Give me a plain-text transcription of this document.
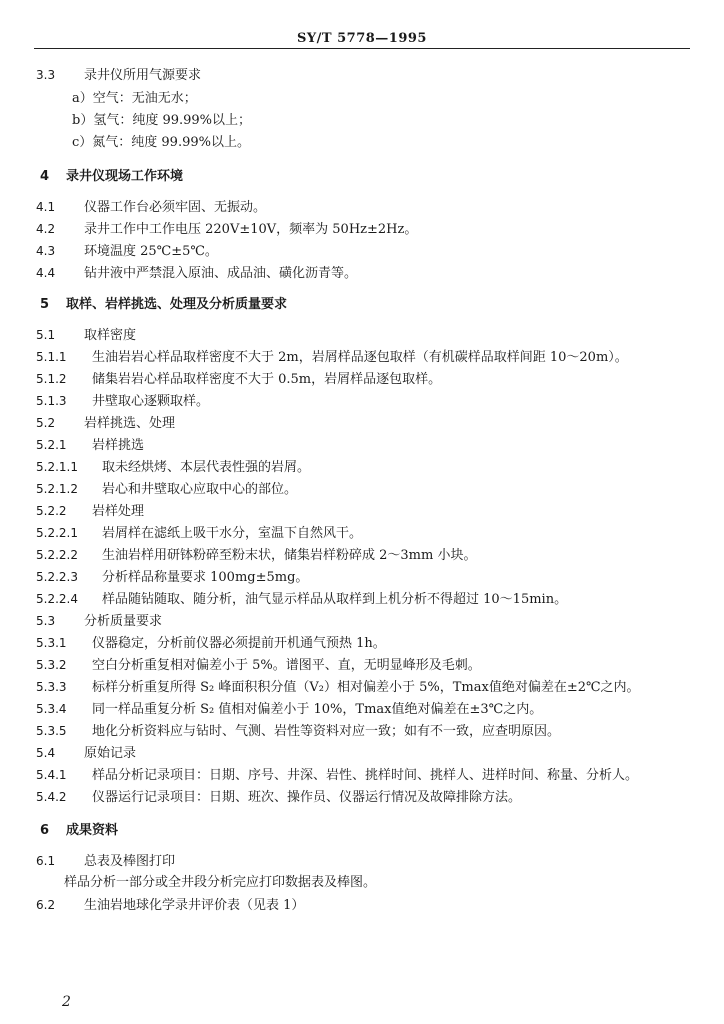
SY/T 5778—1995
3.3 录井仪所用气源要求
a）空气：无油无水；
b）氢气：纯度 99.99%以上；
c）氮气：纯度 99.99%以上。
4 录井仪现场工作环境
4.1 仪器工作台必须牢固、无振动。
4.2 录井工作中工作电压 220V±10V，频率为 50Hz±2Hz。
4.3 环境温度 25℃±5℃。
4.4 钻井液中严禁混入原油、成品油、磺化沥青等。
5 取样、岩样挑选、处理及分析质量要求
5.1 取样密度
5.1.1 生油岩岩心样品取样密度不大于 2m，岩屑样品逐包取样（有机碳样品取样间距 10～20m）。
5.1.2 储集岩岩心样品取样密度不大于 0.5m，岩屑样品逐包取样。
5.1.3 井壁取心逐颗取样。
5.2 岩样挑选、处理
5.2.1 岩样挑选
5.2.1.1 取未经烘烤、本层代表性强的岩屑。
5.2.1.2 岩心和井壁取心应取中心的部位。
5.2.2 岩样处理
5.2.2.1 岩屑样在滤纸上吸干水分，室温下自然风干。
5.2.2.2 生油岩样用研钵粉碎至粉末状，储集岩样粉碎成 2～3mm 小块。
5.2.2.3 分析样品称量要求 100mg±5mg。
5.2.2.4 样品随钻随取、随分析，油气显示样品从取样到上机分析不得超过 10～15min。
5.3 分析质量要求
5.3.1 仪器稳定，分析前仪器必须提前开机通气预热 1h。
5.3.2 空白分析重复相对偏差小于 5%。谱图平、直，无明显峰形及毛刺。
5.3.3 标样分析重复所得 S₂ 峰面积积分值（V₂）相对偏差小于 5%，Tmax值绝对偏差在±2℃之内。
5.3.4 同一样品重复分析 S₂ 值相对偏差小于 10%，Tmax值绝对偏差在±3℃之内。
5.3.5 地化分析资料应与钻时、气测、岩性等资料对应一致；如有不一致，应查明原因。
5.4 原始记录
5.4.1 样品分析记录项目：日期、序号、井深、岩性、挑样时间、挑样人、进样时间、称量、分析人。
5.4.2 仪器运行记录项目：日期、班次、操作员、仪器运行情况及故障排除方法。
6 成果资料
6.1 总表及棒图打印
样品分析一部分或全井段分析完应打印数据表及棒图。
6.2 生油岩地球化学录井评价表（见表 1）
2
